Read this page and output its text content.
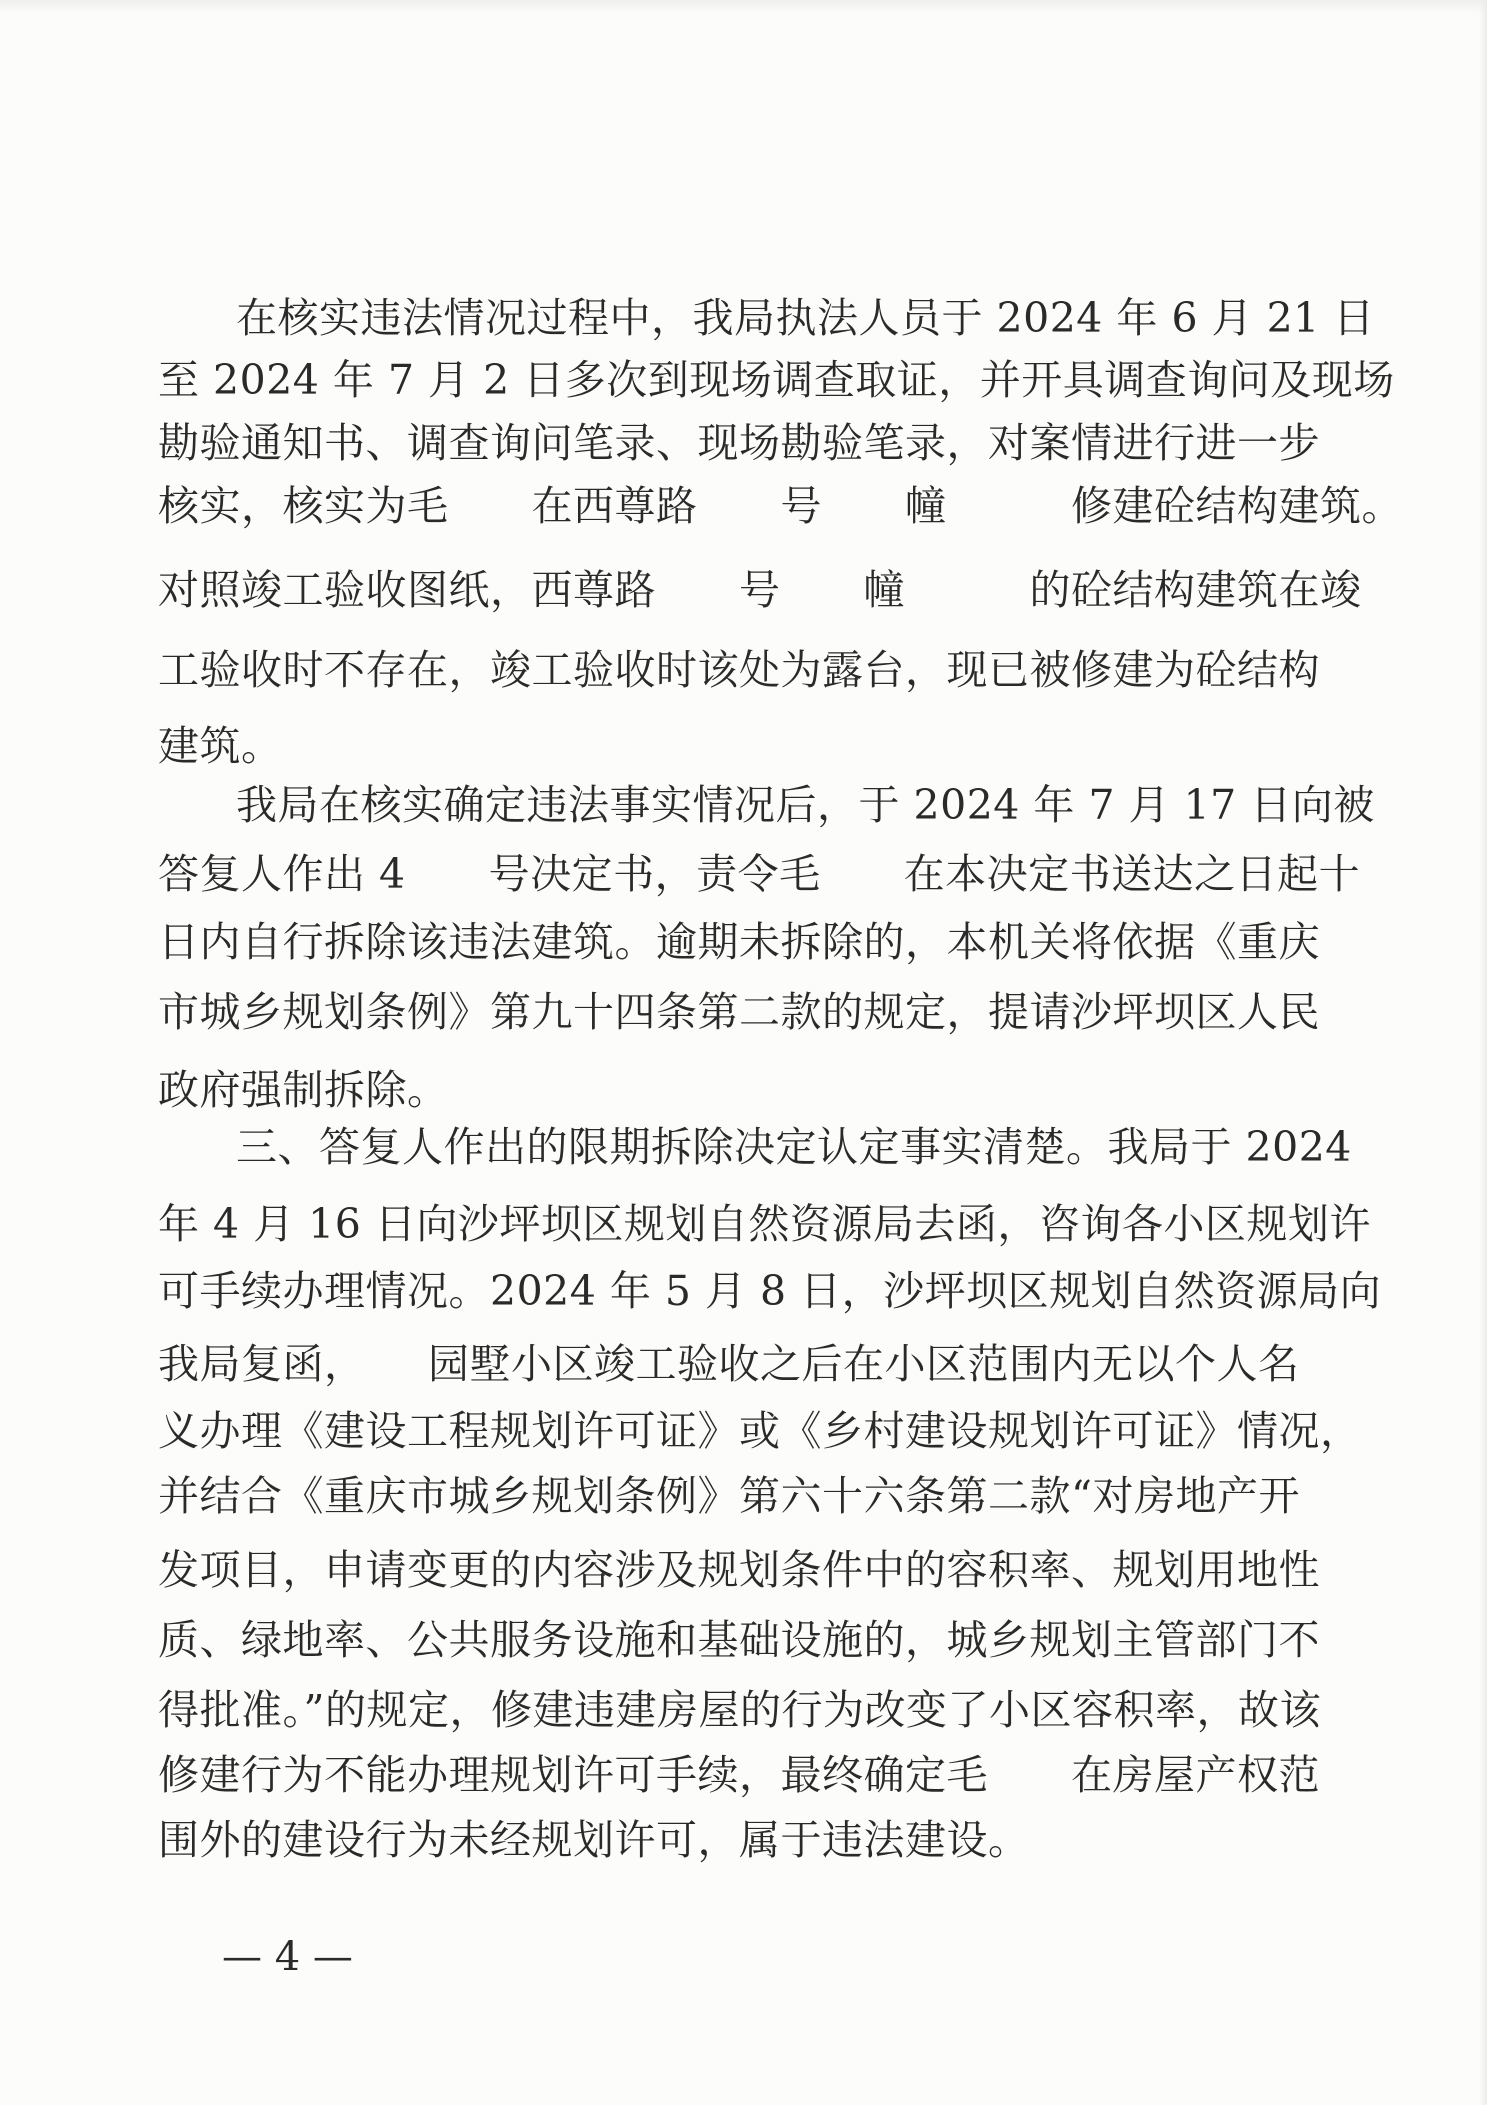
在核实违法情况过程中，我局执法人员于 2024 年 6 月 21 日
至 2024 年 7 月 2 日多次到现场调查取证，并开具调查询问及现场
勘验通知书、调查询问笔录、现场勘验笔录，对案情进行进一步
核实，核实为毛　　在西尊路　　号　　幢　　　修建砼结构建筑。
对照竣工验收图纸，西尊路　　号　　幢　　　的砼结构建筑在竣
工验收时不存在，竣工验收时该处为露台，现已被修建为砼结构
建筑。
我局在核实确定违法事实情况后，于 2024 年 7 月 17 日向被
答复人作出 4　　号决定书，责令毛　　在本决定书送达之日起十
日内自行拆除该违法建筑。逾期未拆除的，本机关将依据《重庆
市城乡规划条例》第九十四条第二款的规定，提请沙坪坝区人民
政府强制拆除。
三、答复人作出的限期拆除决定认定事实清楚。我局于 2024
年 4 月 16 日向沙坪坝区规划自然资源局去函，咨询各小区规划许
可手续办理情况。2024 年 5 月 8 日，沙坪坝区规划自然资源局向
我局复函，　　园墅小区竣工验收之后在小区范围内无以个人名
义办理《建设工程规划许可证》或《乡村建设规划许可证》情况，
并结合《重庆市城乡规划条例》第六十六条第二款“对房地产开
发项目，申请变更的内容涉及规划条件中的容积率、规划用地性
质、绿地率、公共服务设施和基础设施的，城乡规划主管部门不
得批准。”的规定，修建违建房屋的行为改变了小区容积率，故该
修建行为不能办理规划许可手续，最终确定毛　　在房屋产权范
围外的建设行为未经规划许可，属于违法建设。
— 4 —
